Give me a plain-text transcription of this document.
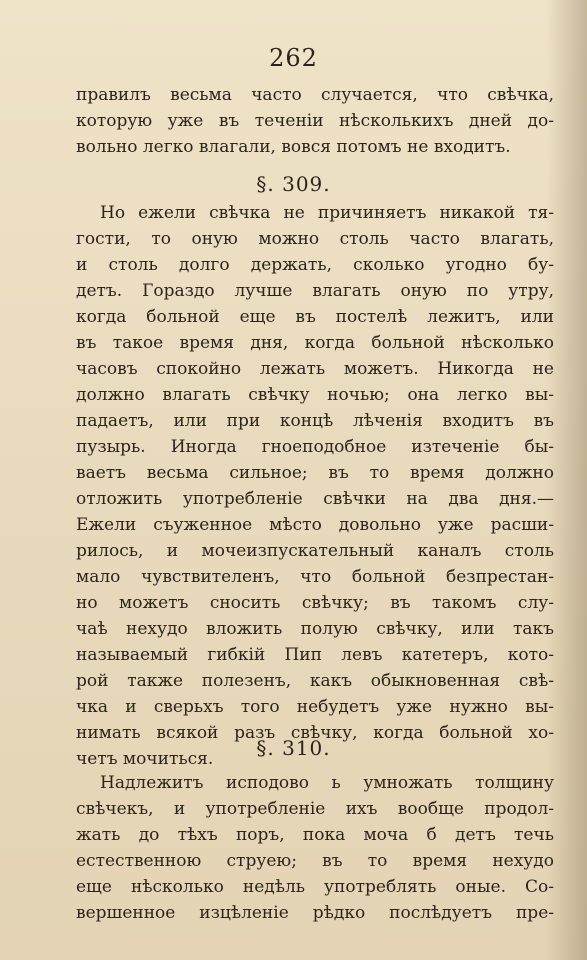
262
правилъ весьма часто случается, что свѣчка,
которую уже въ теченіи нѣсколькихъ дней до-
вольно легко влагали, вовся потомъ не входитъ.
§. 309.
Но ежели свѣчка не причиняетъ никакой тя-
гости, то оную можно столь часто влагать,
и столь долго держать, сколько угодно бу-
детъ. Гораздо лучше влагать оную по утру,
когда больной еще въ постелѣ лежитъ, или
въ такое время дня, когда больной нѣсколько
часовъ спокойно лежать можетъ. Никогда не
должно влагать свѣчку ночью; она легко вы-
падаетъ, или при концѣ лѣченія входитъ въ
пузырь. Иногда гноеподобное изтеченіе бы-
ваетъ весьма сильное; въ то время должно
отложить употребленіе свѣчки на два дня.—
Ежели съуженное мѣсто довольно уже расши-
рилось, и мочеизпускательный каналъ столь
мало чувствителенъ, что больной безпрестан-
но можетъ сносить свѣчку; въ такомъ слу-
чаѣ нехудо вложить полую свѣчку, или такъ
называемый гибкій Пип левъ катетеръ, кото-
рой также полезенъ, какъ обыкновенная свѣ-
чка и сверьхъ того небудетъ уже нужно вы-
нимать всякой разъ свѣчку, когда больной хо-
четъ мочиться.	§. 310.
Надлежитъ исподово ь умножать толщину
свѣчекъ, и употребленіе ихъ вообще продол-
жать до тѣхъ поръ, пока моча б детъ течь
естественною струею; въ то время нехудо
еще нѣсколько недѣль употреблять оные. Со-
вершенное изцѣленіе рѣдко послѣдуетъ пре-
